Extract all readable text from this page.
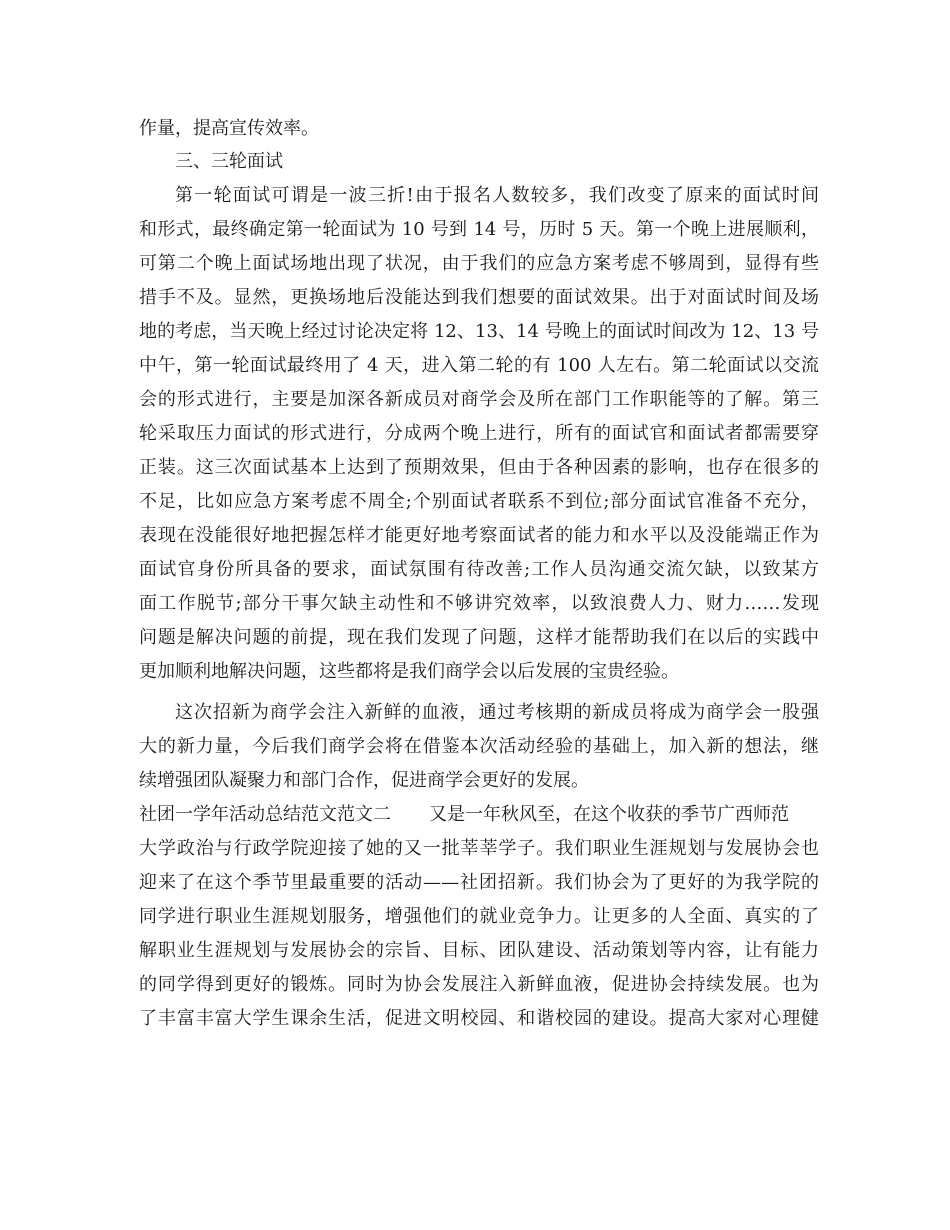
作量，提高宣传效率。
三、三轮面试
第一轮面试可谓是一波三折!由于报名人数较多，我们改变了原来的面试时间
和形式，最终确定第一轮面试为 10 号到 14 号，历时 5 天。第一个晚上进展顺利，
可第二个晚上面试场地出现了状况，由于我们的应急方案考虑不够周到，显得有些
措手不及。显然，更换场地后没能达到我们想要的面试效果。出于对面试时间及场
地的考虑，当天晚上经过讨论决定将 12、13、14 号晚上的面试时间改为 12、13 号
中午，第一轮面试最终用了 4 天，进入第二轮的有 100 人左右。第二轮面试以交流
会的形式进行，主要是加深各新成员对商学会及所在部门工作职能等的了解。第三
轮采取压力面试的形式进行，分成两个晚上进行，所有的面试官和面试者都需要穿
正装。这三次面试基本上达到了预期效果，但由于各种因素的影响，也存在很多的
不足，比如应急方案考虑不周全;个别面试者联系不到位;部分面试官准备不充分，
表现在没能很好地把握怎样才能更好地考察面试者的能力和水平以及没能端正作为
面试官身份所具备的要求，面试氛围有待改善;工作人员沟通交流欠缺，以致某方
面工作脱节;部分干事欠缺主动性和不够讲究效率，以致浪费人力、财力……发现
问题是解决问题的前提，现在我们发现了问题，这样才能帮助我们在以后的实践中
更加顺利地解决问题，这些都将是我们商学会以后发展的宝贵经验。
这次招新为商学会注入新鲜的血液，通过考核期的新成员将成为商学会一股强
大的新力量，今后我们商学会将在借鉴本次活动经验的基础上，加入新的想法，继
续增强团队凝聚力和部门合作，促进商学会更好的发展。
社团一学年活动总结范文范文二 又是一年秋风至，在这个收获的季节广西师范
大学政治与行政学院迎接了她的又一批莘莘学子。我们职业生涯规划与发展协会也
迎来了在这个季节里最重要的活动——社团招新。我们协会为了更好的为我学院的
同学进行职业生涯规划服务，增强他们的就业竞争力。让更多的人全面、真实的了
解职业生涯规划与发展协会的宗旨、目标、团队建设、活动策划等内容，让有能力
的同学得到更好的锻炼。同时为协会发展注入新鲜血液，促进协会持续发展。也为
了丰富丰富大学生课余生活，促进文明校园、和谐校园的建设。提高大家对心理健
